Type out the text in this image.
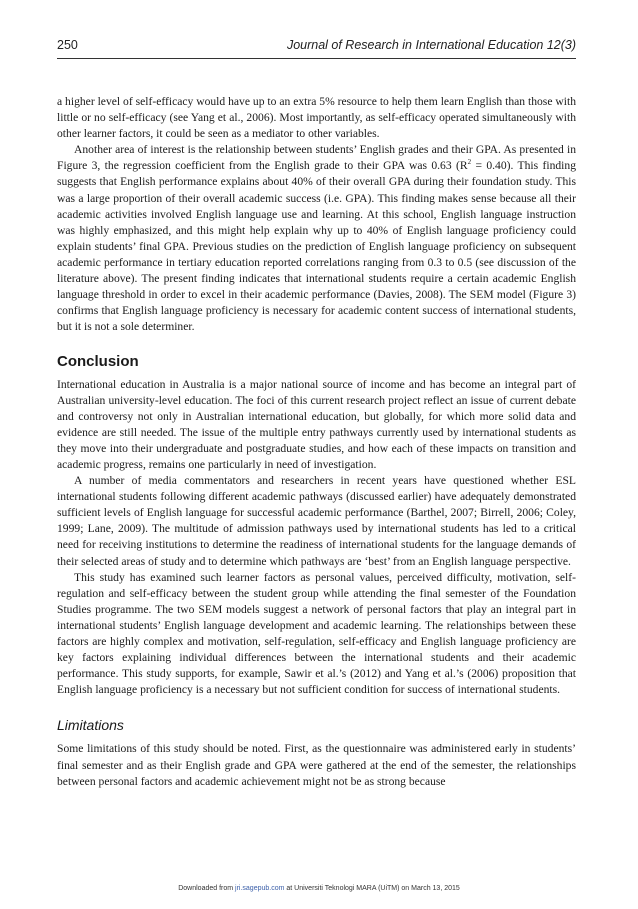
250	Journal of Research in International Education 12(3)

a higher level of self-efficacy would have up to an extra 5% resource to help them learn English than those with little or no self-efficacy (see Yang et al., 2006). Most importantly, as self-efficacy operated simultaneously with other learner factors, it could be seen as a mediator to other variables.

Another area of interest is the relationship between students’ English grades and their GPA. As presented in Figure 3, the regression coefficient from the English grade to their GPA was 0.63 $(R^2 = 0.40)$. This finding suggests that English performance explains about 40% of their overall GPA during their foundation study. This was a large proportion of their overall academic success (i.e. GPA). This finding makes sense because all their academic activities involved English language use and learning. At this school, English language instruction was highly emphasized, and this might help explain why up to 40% of English language proficiency could explain students’ final GPA. Previous studies on the prediction of English language proficiency on subsequent academic performance in tertiary education reported correlations ranging from 0.3 to 0.5 (see discussion of the literature above). The present finding indicates that international students require a certain academic English language threshold in order to excel in their academic performance (Davies, 2008). The SEM model (Figure 3) confirms that English language proficiency is necessary for academic content success of international students, but it is not a sole determiner.

Conclusion

International education in Australia is a major national source of income and has become an integral part of Australian university-level education. The foci of this current research project reflect an issue of current debate and controversy not only in Australian international education, but globally, for which more solid data and evidence are still needed. The issue of the multiple entry pathways currently used by international students as they move into their undergraduate and postgraduate studies, and how each of these impacts on transition and academic progress, remains one particularly in need of investigation.

A number of media commentators and researchers in recent years have questioned whether ESL international students following different academic pathways (discussed earlier) have adequately demonstrated sufficient levels of English language for successful academic performance (Barthel, 2007; Birrell, 2006; Coley, 1999; Lane, 2009). The multitude of admission pathways used by international students has led to a critical need for receiving institutions to determine the readiness of international students for the language demands of their selected areas of study and to determine which pathways are ‘best’ from an English language perspective.

This study has examined such learner factors as personal values, perceived difficulty, motivation, self-regulation and self-efficacy between the student group while attending the final semester of the Foundation Studies programme. The two SEM models suggest a network of personal factors that play an integral part in international students’ English language development and academic learning. The relationships between these factors are highly complex and motivation, self-regulation, self-efficacy and English language proficiency are key factors explaining individual differences between the international students and their academic performance. This study supports, for example, Sawir et al.’s (2012) and Yang et al.’s (2006) proposition that English language proficiency is a necessary but not sufficient condition for success of international students.

Limitations

Some limitations of this study should be noted. First, as the questionnaire was administered early in students’ final semester and as their English grade and GPA were gathered at the end of the semester, the relationships between personal factors and academic achievement might not be as strong because

Downloaded from jri.sagepub.com at Universiti Teknologi MARA (UiTM) on March 13, 2015
